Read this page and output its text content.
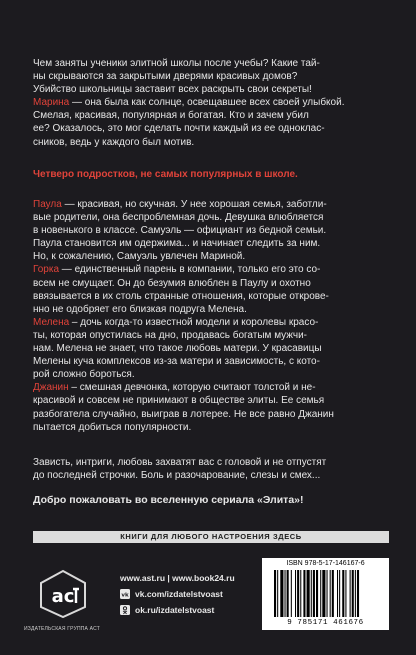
Чем заняты ученики элитной школы после учебы? Какие тай-

ны скрываются за закрытыми дверями красивых домов?

Убийство школьницы заставит всех раскрыть свои секреты!

Марина — она была как солнце, освещавшее всех своей улыбкой.

Смелая, красивая, популярная и богатая. Кто и зачем убил

ее? Оказалось, это мог сделать почти каждый из ее одноклас-

сников, ведь у каждого был мотив.

Четверо подростков, не самых популярных в школе.

Паула — красивая, но скучная. У нее хорошая семья, заботли-

вые родители, она беспроблемная дочь. Девушка влюбляется

в новенького в классе. Самуэль — официант из бедной семьи.

Паула становится им одержима... и начинает следить за ним.

Но, к сожалению, Самуэль увлечен Мариной.

Горка — единственный парень в компании, только его это со-

всем не смущает. Он до безумия влюблен в Паулу и охотно

ввязывается в их столь странные отношения, которые открове-

нно не одобряет его близкая подруга Мелена.

Мелена – дочь когда-то известной модели и королевы красо-

ты, которая опустилась на дно, продавась богатым мужчи-

нам. Мелена не знает, что такое любовь матери. У красавицы

Мелены куча комплексов из-за матери и зависимость, с кото-

рой сложно бороться.

Джанин – смешная девчонка, которую считают толстой и не-

красивой и совсем не принимают в обществе элиты. Ее семья

разбогатела случайно, выиграв в лотерее. Не все равно Джанин

пытается добиться популярности.

Зависть, интриги, любовь захватят вас с головой и не отпустят

до последней строчки. Боль и разочарование, слезы и смех...

Добро пожаловать во вселенную сериала «Элита»!
КНИГИ ДЛЯ ЛЮБОГО НАСТРОЕНИЯ ЗДЕСЬ
ac
ИЗДАТЕЛЬСКАЯ ГРУППА АСТ
www.ast.ru | www.book24.ru
vk vk.com/izdatelstvoast
ok.ru/izdatelstvoast
ISBN 978-5-17-146167-6
9 785171 461676
